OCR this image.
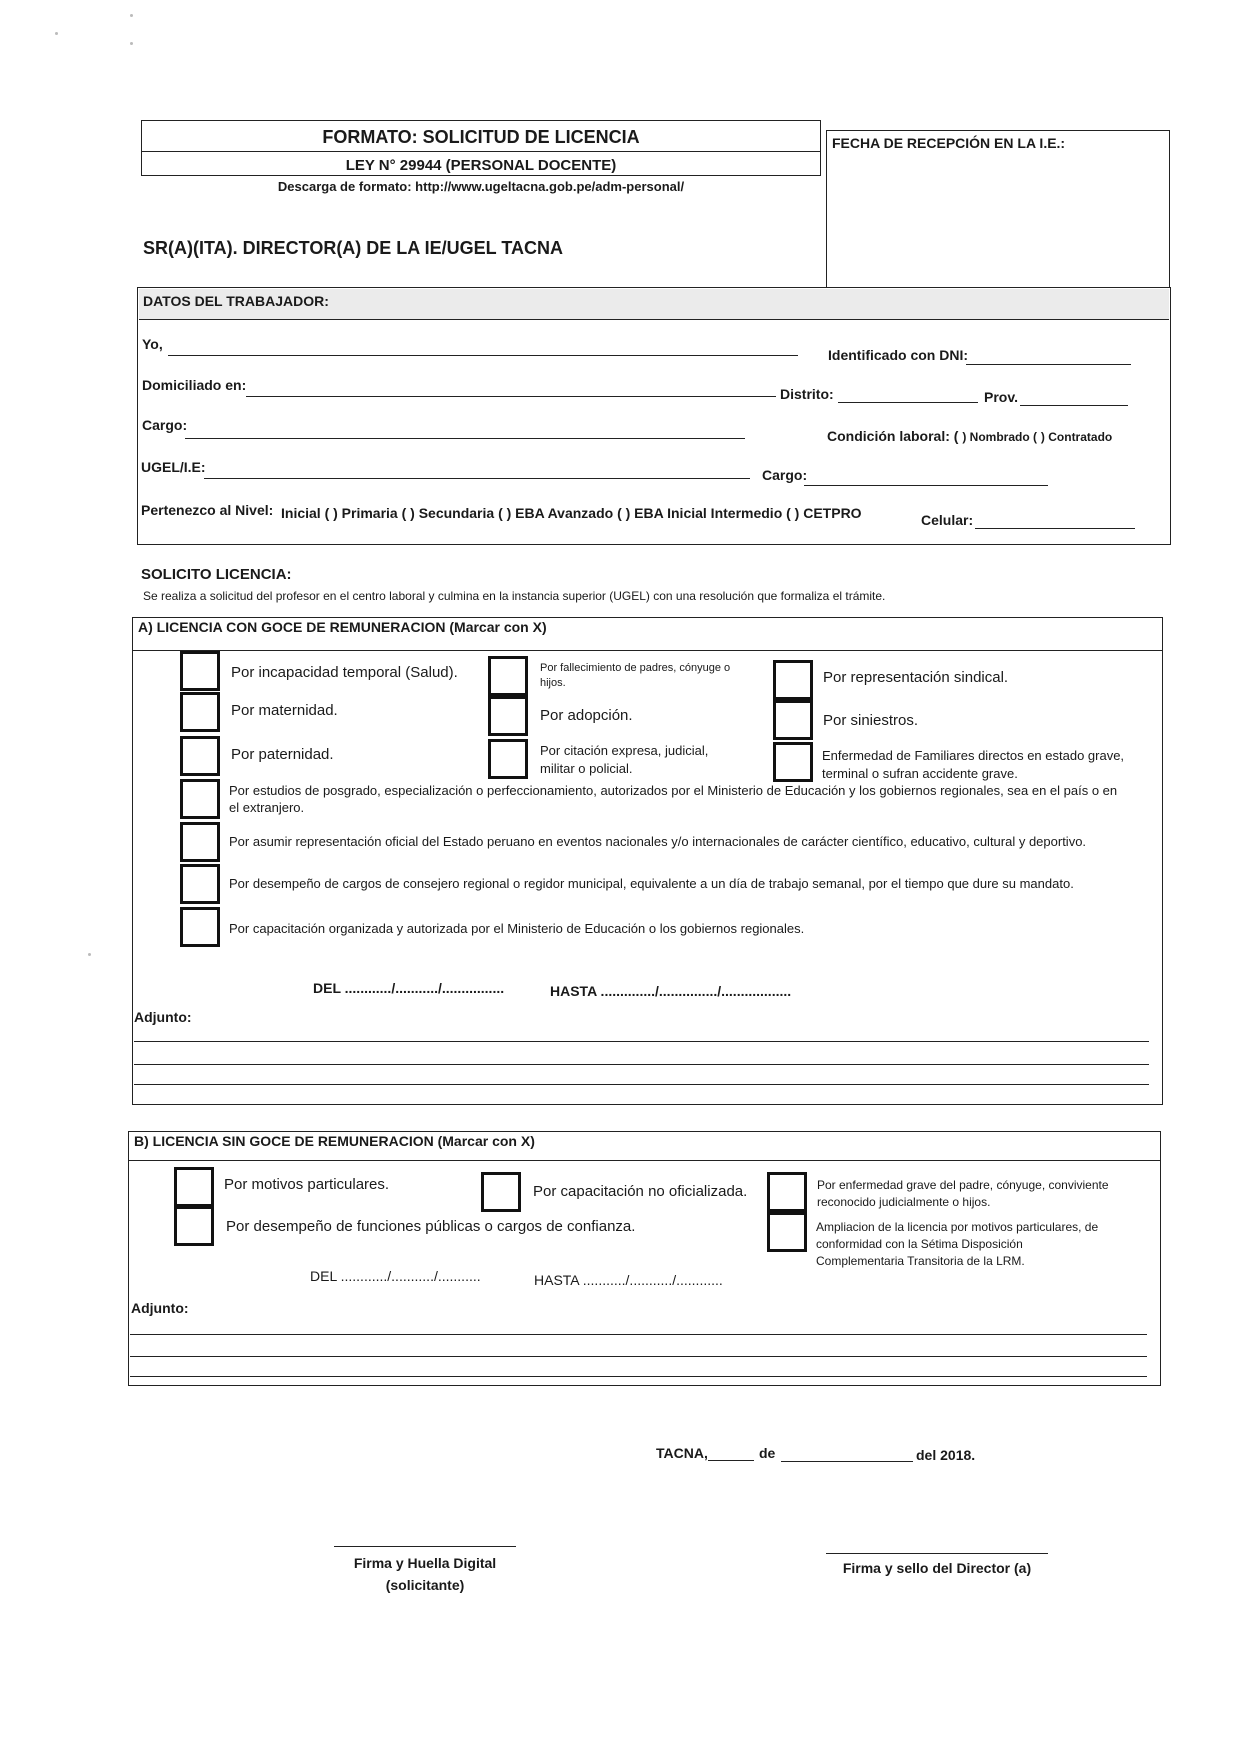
FORMATO: SOLICITUD DE LICENCIA
LEY N° 29944 (PERSONAL DOCENTE)
Descarga de formato: http://www.ugeltacna.gob.pe/adm-personal/
FECHA DE RECEPCIÓN EN LA I.E.:
SR(A)(ITA). DIRECTOR(A) DE LA IE/UGEL TACNA
DATOS DEL TRABAJADOR:
Yo,
Identificado con DNI:
Domiciliado en:
Distrito:	Prov.
Cargo:
Condición laboral: ( ) Nombrado ( ) Contratado
UGEL/I.E:	Cargo:
Pertenezco al Nivel: Inicial ( ) Primaria ( ) Secundaria ( ) EBA Avanzado ( ) EBA Inicial Intermedio ( ) CETPRO	Celular:
SOLICITO LICENCIA:
Se realiza a solicitud del profesor en el centro laboral y culmina en la instancia superior (UGEL) con una resolución que formaliza el trámite.
A) LICENCIA CON GOCE DE REMUNERACION (Marcar con X)
Por incapacidad temporal (Salud).	Por fallecimiento de padres, cónyuge o hijos.	Por representación sindical.
Por maternidad.	Por adopción.	Por siniestros.
Por paternidad.	Por citación expresa, judicial, militar o policial.
Enfermedad de Familiares directos en estado grave, terminal o sufran accidente grave.
Por estudios de posgrado, especialización o perfeccionamiento, autorizados por el Ministerio de Educación y los gobiernos regionales, sea en el país o en el extranjero.
Por asumir representación oficial del Estado peruano en eventos nacionales y/o internacionales de carácter científico, educativo, cultural y deportivo.
Por desempeño de cargos de consejero regional o regidor municipal, equivalente a un día de trabajo semanal, por el tiempo que dure su mandato.
Por capacitación organizada y autorizada por el Ministerio de Educación o los gobiernos regionales.
DEL ............/.........../................	HASTA ............../.............../..................
Adjunto:
B) LICENCIA SIN GOCE DE REMUNERACION (Marcar con X)
Por motivos particulares.	Por capacitación no oficializada.	Por enfermedad grave del padre, cónyuge, conviviente reconocido judicialmente o hijos.
Por desempeño de funciones públicas o cargos de confianza.	Ampliacion de la licencia por motivos particulares, de conformidad con la Sétima Disposición Complementaria Transitoria de la LRM.
DEL ............/.........../...........	HASTA .........../.........../............
Adjunto:
TACNA,	de	del 2018.
Firma y Huella Digital
(solicitante)
Firma y sello del Director (a)
